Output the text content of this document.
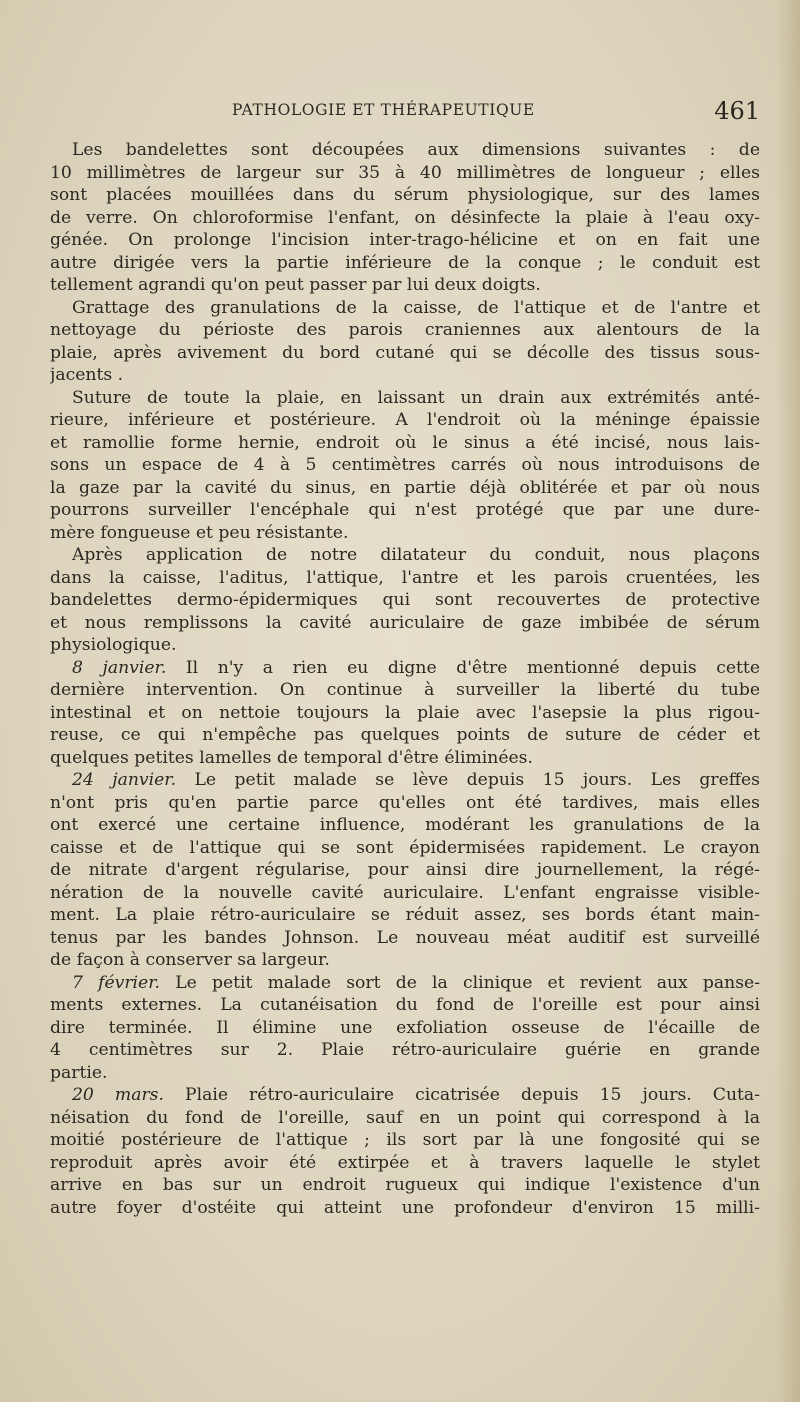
PATHOLOGIE ET THÉRAPEUTIQUE	461
Les bandelettes sont découpées aux dimensions suivantes : de
10 millimètres de largeur sur 35 à 40 millimètres de longueur ; elles
sont placées mouillées dans du sérum physiologique, sur des lames
de verre. On chloroformise l'enfant, on désinfecte la plaie à l'eau oxy-
génée. On prolonge l'incision inter-trago-hélicine et on en fait une
autre dirigée vers la partie inférieure de la conque ; le conduit est
tellement agrandi qu'on peut passer par lui deux doigts.
Grattage des granulations de la caisse, de l'attique et de l'antre et
nettoyage du périoste des parois craniennes aux alentours de la
plaie, après avivement du bord cutané qui se décolle des tissus sous-
jacents .
Suture de toute la plaie, en laissant un drain aux extrémités anté-
rieure, inférieure et postérieure. A l'endroit où la méninge épaissie
et ramollie forme hernie, endroit où le sinus a été incisé, nous lais-
sons un espace de 4 à 5 centimètres carrés où nous introduisons de
la gaze par la cavité du sinus, en partie déjà oblitérée et par où nous
pourrons surveiller l'encéphale qui n'est protégé que par une dure-
mère fongueuse et peu résistante.
Après application de notre dilatateur du conduit, nous plaçons
dans la caisse, l'aditus, l'attique, l'antre et les parois cruentées, les
bandelettes dermo-épidermiques qui sont recouvertes de protective
et nous remplissons la cavité auriculaire de gaze imbibée de sérum
physiologique.
8 janvier. Il n'y a rien eu digne d'être mentionné depuis cette
dernière intervention. On continue à surveiller la liberté du tube
intestinal et on nettoie toujours la plaie avec l'asepsie la plus rigou-
reuse, ce qui n'empêche pas quelques points de suture de céder et
quelques petites lamelles de temporal d'être éliminées.
24 janvier. Le petit malade se lève depuis 15 jours. Les greffes
n'ont pris qu'en partie parce qu'elles ont été tardives, mais elles
ont exercé une certaine influence, modérant les granulations de la
caisse et de l'attique qui se sont épidermisées rapidement. Le crayon
de nitrate d'argent régularise, pour ainsi dire journellement, la régé-
nération de la nouvelle cavité auriculaire. L'enfant engraisse visible-
ment. La plaie rétro-auriculaire se réduit assez, ses bords étant main-
tenus par les bandes Johnson. Le nouveau méat auditif est surveillé
de façon à conserver sa largeur.
7 février. Le petit malade sort de la clinique et revient aux panse-
ments externes. La cutanéisation du fond de l'oreille est pour ainsi
dire terminée. Il élimine une exfoliation osseuse de l'écaille de
4 centimètres sur 2. Plaie rétro-auriculaire guérie en grande
partie.
20 mars. Plaie rétro-auriculaire cicatrisée depuis 15 jours. Cuta-
néisation du fond de l'oreille, sauf en un point qui correspond à la
moitié postérieure de l'attique ; ils sort par là une fongosité qui se
reproduit après avoir été extirpée et à travers laquelle le stylet
arrive en bas sur un endroit rugueux qui indique l'existence d'un
autre foyer d'ostéite qui atteint une profondeur d'environ 15 milli-
